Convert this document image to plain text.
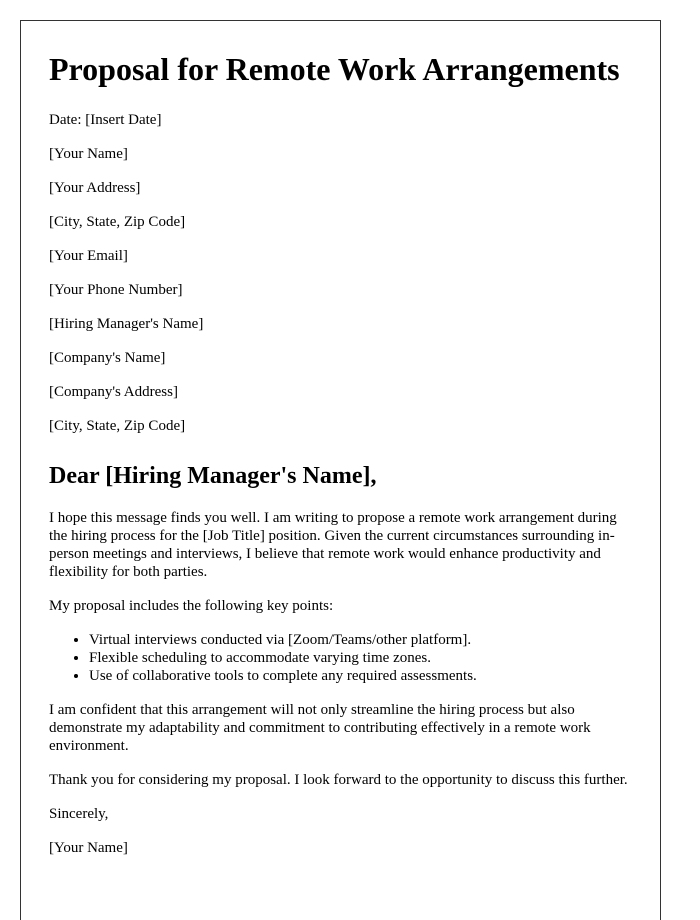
Proposal for Remote Work Arrangements

Date: [Insert Date]

[Your Name]

[Your Address]

[City, State, Zip Code]

[Your Email]

[Your Phone Number]

[Hiring Manager's Name]

[Company's Name]

[Company's Address]

[City, State, Zip Code]

Dear [Hiring Manager's Name],

I hope this message finds you well. I am writing to propose a remote work arrangement during the hiring process for the [Job Title] position. Given the current circumstances surrounding in-person meetings and interviews, I believe that remote work would enhance productivity and flexibility for both parties.

My proposal includes the following key points:

• Virtual interviews conducted via [Zoom/Teams/other platform].
• Flexible scheduling to accommodate varying time zones.
• Use of collaborative tools to complete any required assessments.

I am confident that this arrangement will not only streamline the hiring process but also demonstrate my adaptability and commitment to contributing effectively in a remote work environment.

Thank you for considering my proposal. I look forward to the opportunity to discuss this further.

Sincerely,

[Your Name]
